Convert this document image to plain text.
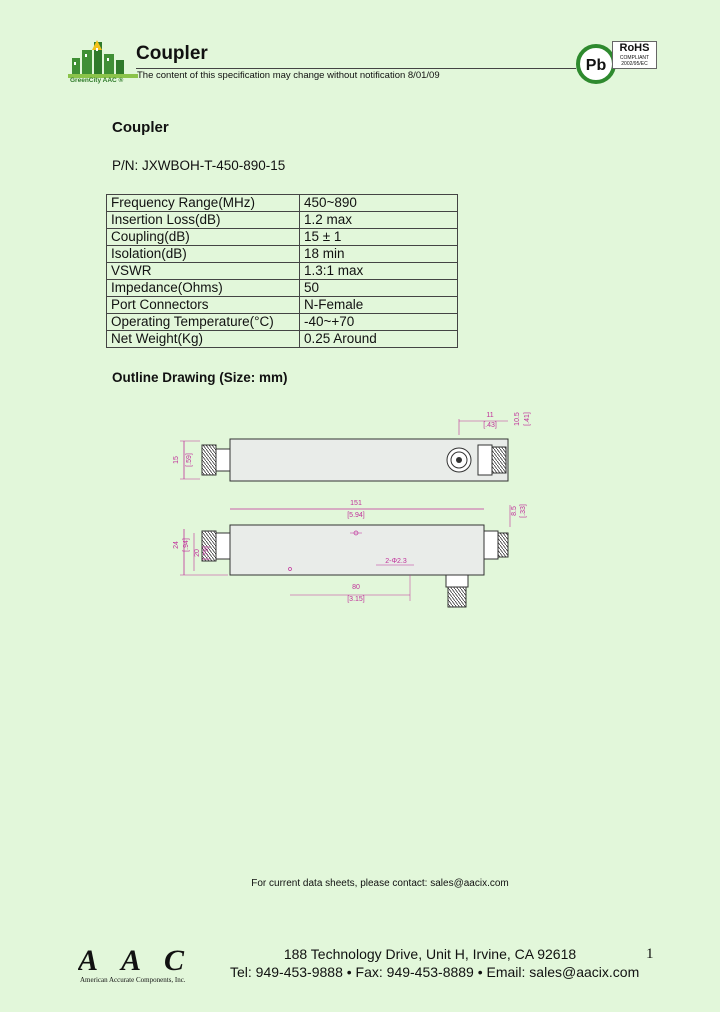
GreenCity AAC ®
Coupler
The content of this specification may change without notification 8/01/09
Pb
RoHS
COMPLIANT
2002/95/EC
Coupler
P/N: JXWBOH-T-450-890-15
Frequency Range(MHz)	450~890
Insertion Loss(dB)	1.2 max
Coupling(dB)	15 ± 1
Isolation(dB)	18 min
VSWR	1.3:1 max
Impedance(Ohms)	50
Port Connectors	N-Female
Operating Temperature(°C)	-40~+70
Net Weight(Kg)	0.25 Around
Outline Drawing (Size: mm)
15 [.59]
11
[.43] 10.5 [.41]
151
[5.94]
24 [.94]
20 [.79]
8.5 [.33]
2-Φ2.3
80
[3.15]
For current data sheets, please contact: sales@aacix.com
AAC
American Accurate Components, Inc.
188 Technology Drive, Unit H, Irvine, CA 92618
Tel: 949-453-9888 • Fax: 949-453-8889 • Email: sales@aacix.com
1
